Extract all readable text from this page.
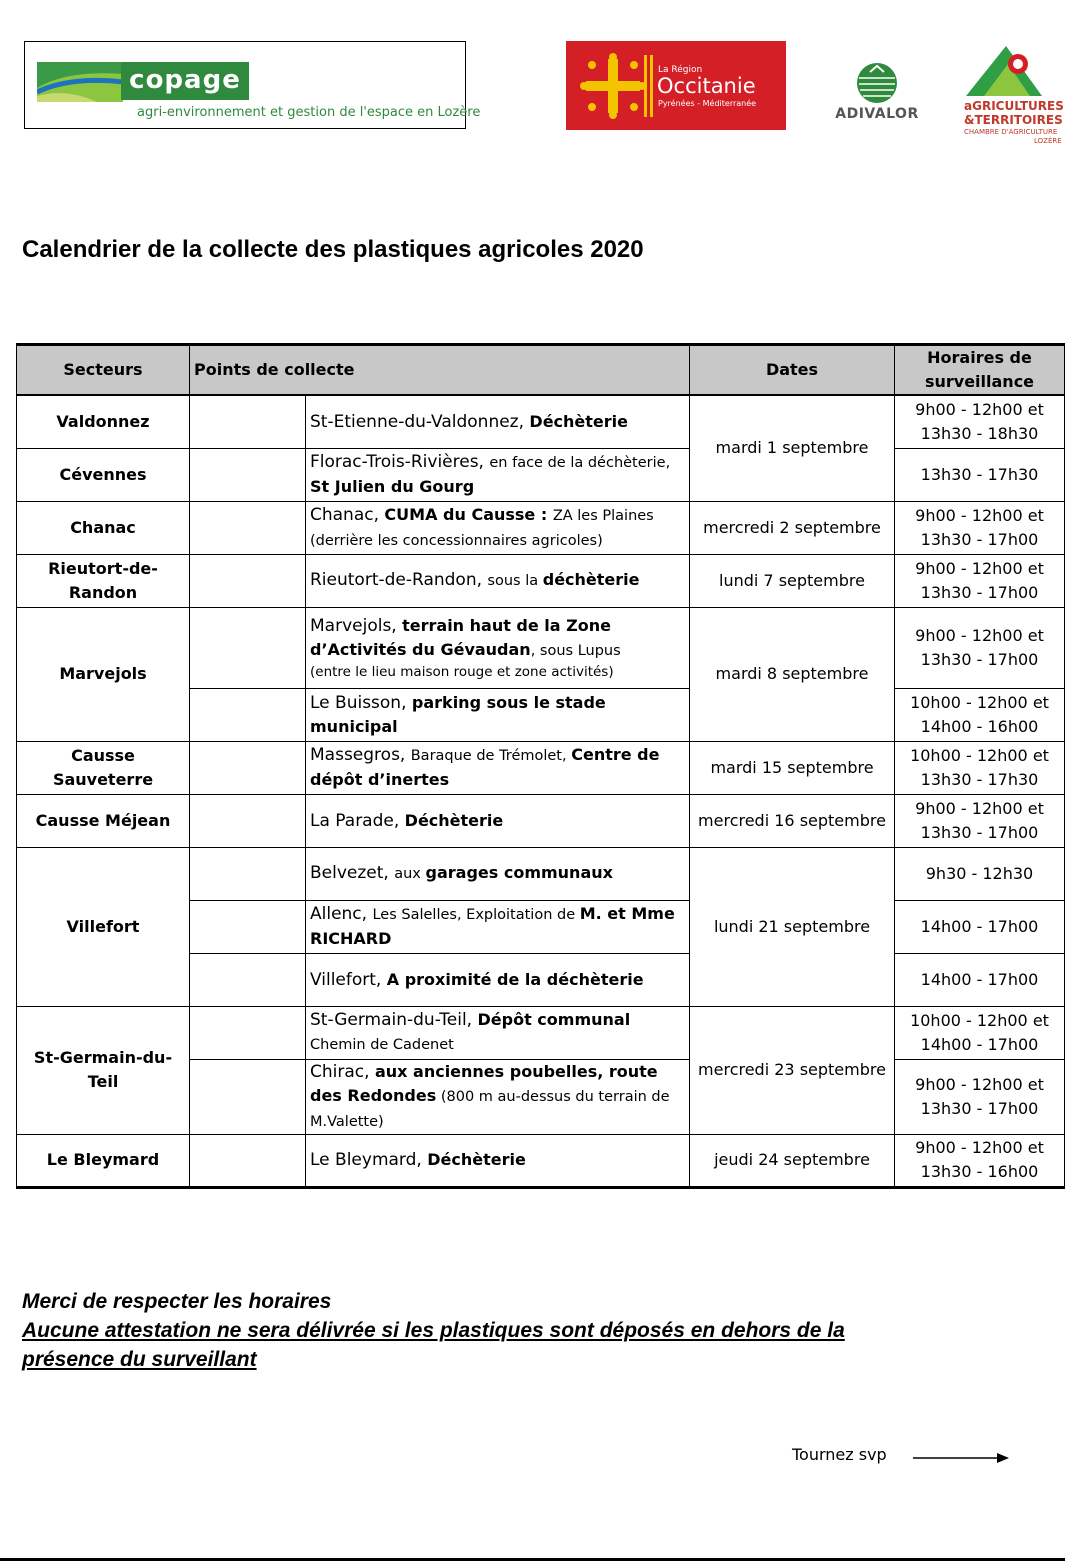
copage
agri-environnement et gestion de l'espace en Lozère
La Région
Occitanie
Pyrénées - Méditerranée
ADIVALOR	aGRICULTURES
&TERRITOIRES
CHAMBRE D'AGRICULTURE
LOZÈRE
Calendrier de la collecte des plastiques agricoles 2020
Secteurs	Points de collecte		Dates	Horaires de surveillance
Valdonnez		St-Etienne-du-Valdonnez, Déchèterie	mardi 1 septembre	9h00 - 12h00 et 13h30 - 18h30
Cévennes		Florac-Trois-Rivières, en face de la déchèterie, St Julien du Gourg		13h30 - 17h30
Chanac		Chanac, CUMA du Causse : ZA les Plaines (derrière les concessionnaires agricoles)	mercredi 2 septembre	9h00 - 12h00 et 13h30 - 17h00
Rieutort-de-Randon		Rieutort-de-Randon, sous la déchèterie	lundi 7 septembre	9h00 - 12h00 et 13h30 - 17h00
Marvejols		Marvejols, terrain haut de la Zone d’Activités du Gévaudan, sous Lupus
(entre le lieu maison rouge et zone activités)	mardi 8 septembre	9h00 - 12h00 et 13h30 - 17h00
		Le Buisson, parking sous le stade municipal		10h00 - 12h00 et 14h00 - 16h00
Causse Sauveterre		Massegros, Baraque de Trémolet, Centre de dépôt d’inertes	mardi 15 septembre	10h00 - 12h00 et 13h30 - 17h30
Causse Méjean		La Parade, Déchèterie	mercredi 16 septembre	9h00 - 12h00 et 13h30 - 17h00
Villefort		Belvezet, aux garages communaux	lundi 21 septembre	9h30 - 12h30
		Allenc, Les Salelles, Exploitation de M. et Mme RICHARD		14h00 - 17h00
		Villefort, A proximité de la déchèterie		14h00 - 17h00
St-Germain-du-Teil		St-Germain-du-Teil, Dépôt communal
Chemin de Cadenet	mercredi 23 septembre	10h00 - 12h00 et 14h00 - 17h00
		Chirac, aux anciennes poubelles, route des Redondes (800 m au-dessus du terrain de M.Valette)		9h00 - 12h00 et 13h30 - 17h00
Le Bleymard		Le Bleymard, Déchèterie	jeudi 24 septembre	9h00 - 12h00 et 13h30 - 16h00
Merci de respecter les horaires
Aucune attestation ne sera délivrée si les plastiques sont déposés en dehors de la présence du surveillant
Tournez svp
